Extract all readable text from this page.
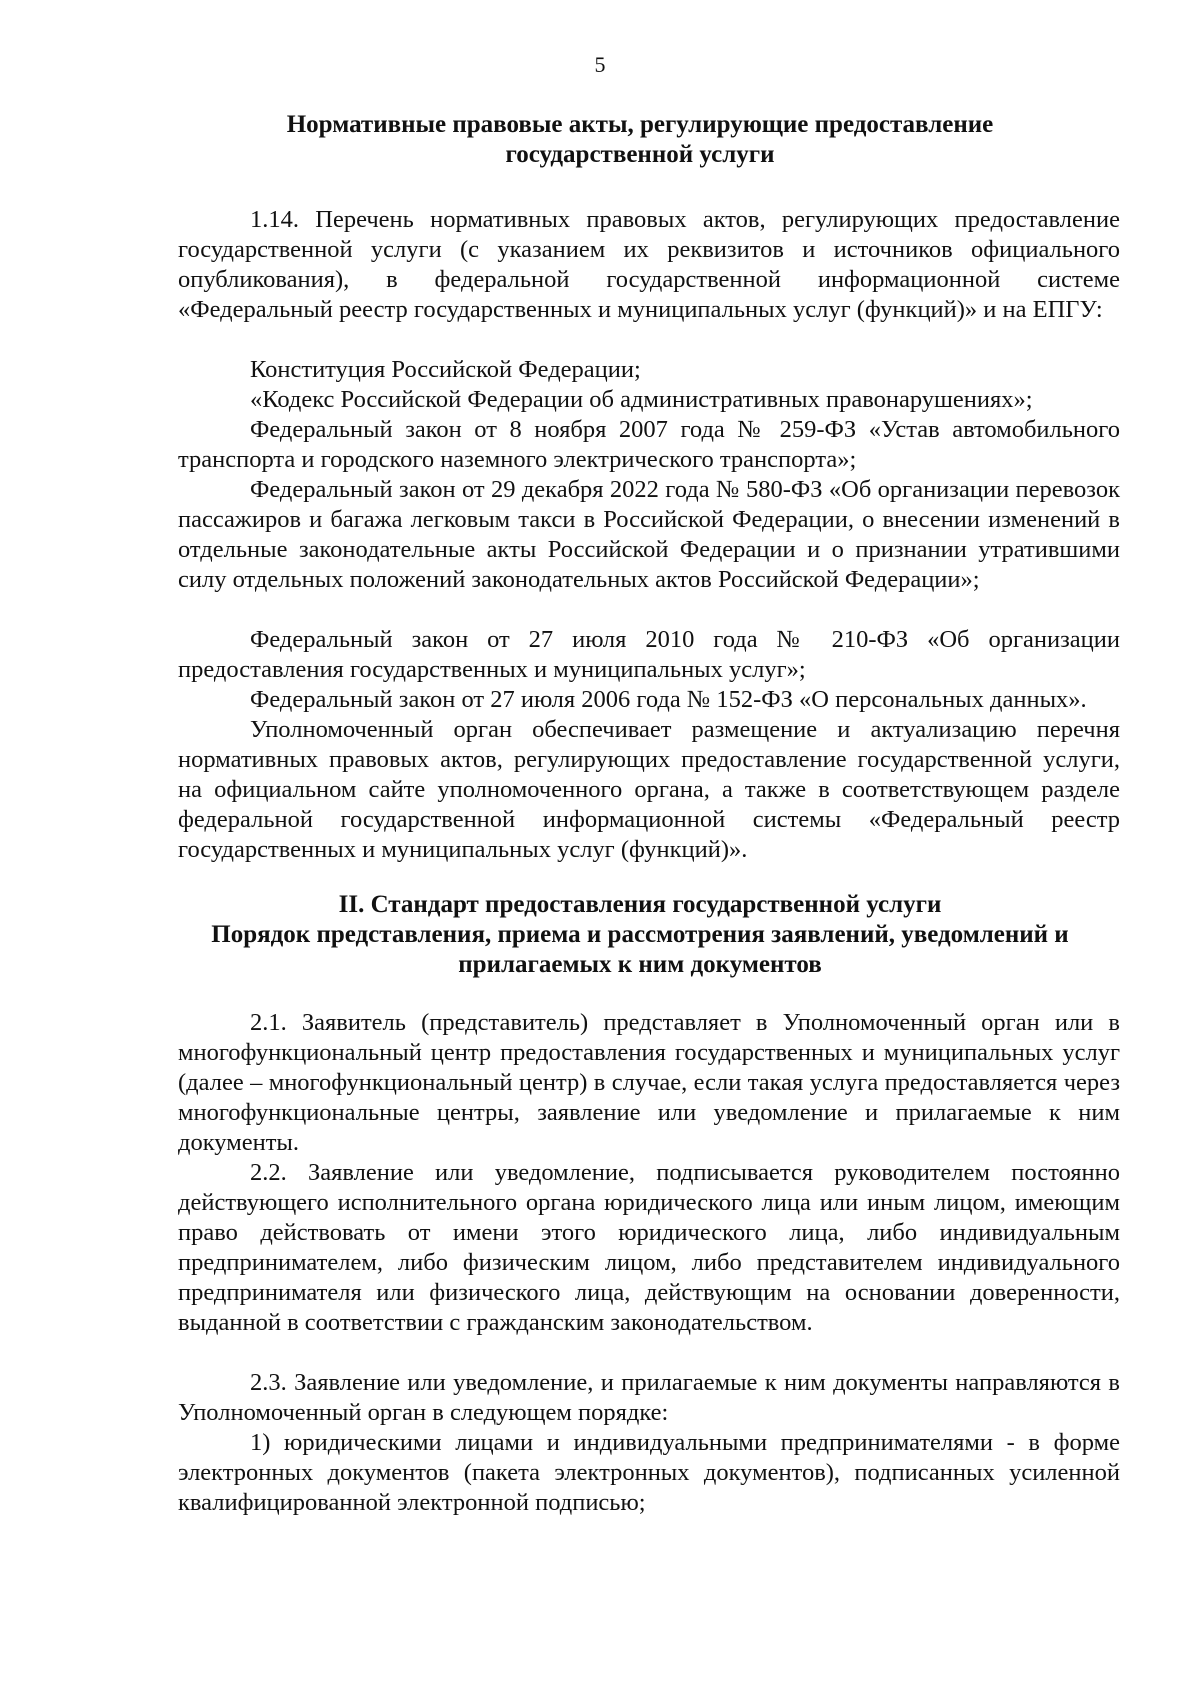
5
Нормативные правовые акты, регулирующие предоставление
государственной услуги
1.14. Перечень нормативных правовых актов, регулирующих предоставление государственной услуги (с указанием их реквизитов и источников официального опубликования), в федеральной государственной информационной системе «Федеральный реестр государственных и муниципальных услуг (функций)» и на ЕПГУ:
Конституция Российской Федерации;
«Кодекс Российской Федерации об административных правонарушениях»;
Федеральный закон от 8 ноября 2007 года № 259-ФЗ «Устав автомобильного транспорта и городского наземного электрического транспорта»;
Федеральный закон от 29 декабря 2022 года № 580-ФЗ «Об организации перевозок пассажиров и багажа легковым такси в Российской Федерации, о внесении изменений в отдельные законодательные акты Российской Федерации и о признании утратившими силу отдельных положений законодательных актов Российской Федерации»;
Федеральный закон от 27 июля 2010 года № 210-ФЗ «Об организации предоставления государственных и муниципальных услуг»;
Федеральный закон от 27 июля 2006 года № 152-ФЗ «О персональных данных».
Уполномоченный орган обеспечивает размещение и актуализацию перечня нормативных правовых актов, регулирующих предоставление государственной услуги, на официальном сайте уполномоченного органа, а также в соответствующем разделе федеральной государственной информационной системы «Федеральный реестр государственных и муниципальных услуг (функций)».
II. Стандарт предоставления государственной услуги
Порядок представления, приема и рассмотрения заявлений, уведомлений и
прилагаемых к ним документов
2.1. Заявитель (представитель) представляет в Уполномоченный орган или в многофункциональный центр предоставления государственных и муниципальных услуг (далее – многофункциональный центр) в случае, если такая услуга предоставляется через многофункциональные центры, заявление или уведомление и прилагаемые к ним документы.
2.2. Заявление или уведомление, подписывается руководителем постоянно действующего исполнительного органа юридического лица или иным лицом, имеющим право действовать от имени этого юридического лица, либо индивидуальным предпринимателем, либо физическим лицом, либо представителем индивидуального предпринимателя или физического лица, действующим на основании доверенности, выданной в соответствии с гражданским законодательством.
2.3. Заявление или уведомление, и прилагаемые к ним документы направляются в Уполномоченный орган в следующем порядке:
1) юридическими лицами и индивидуальными предпринимателями - в форме электронных документов (пакета электронных документов), подписанных усиленной квалифицированной электронной подписью;
